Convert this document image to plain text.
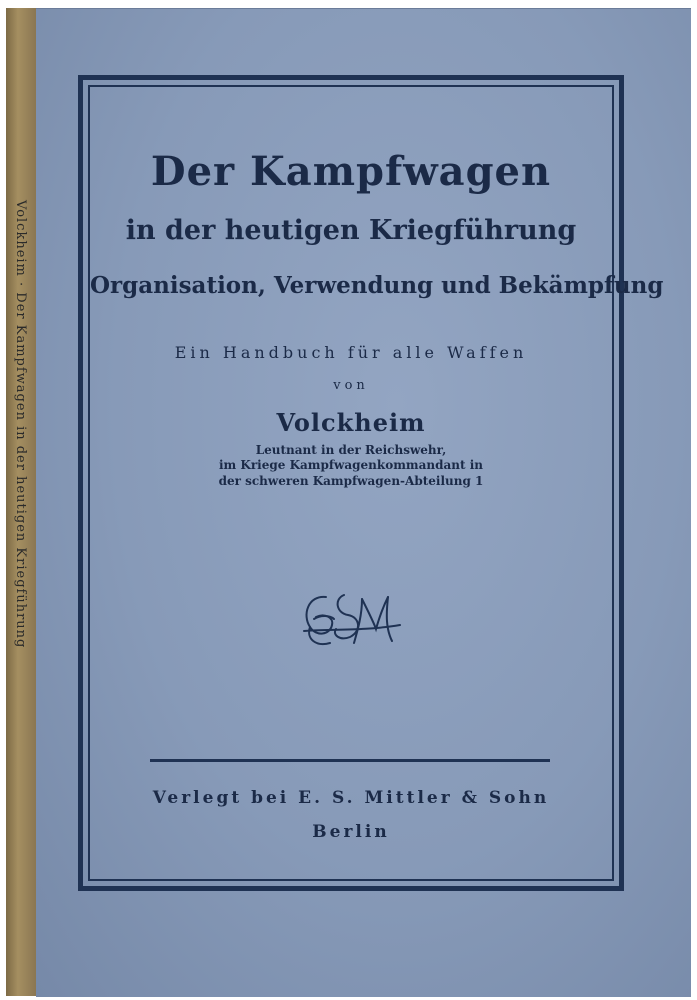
Volckheim · Der Kampfwagen in der heutigen Kriegführung
Der Kampfwagen
in der heutigen Kriegführung
Organisation, Verwendung und Bekämpfung
Ein Handbuch für alle Waffen
von
Volckheim
Leutnant in der Reichswehr,
im Kriege Kampfwagenkommandant in
der schweren Kampfwagen-Abteilung 1
Verlegt bei E. S. Mittler & Sohn
Berlin
